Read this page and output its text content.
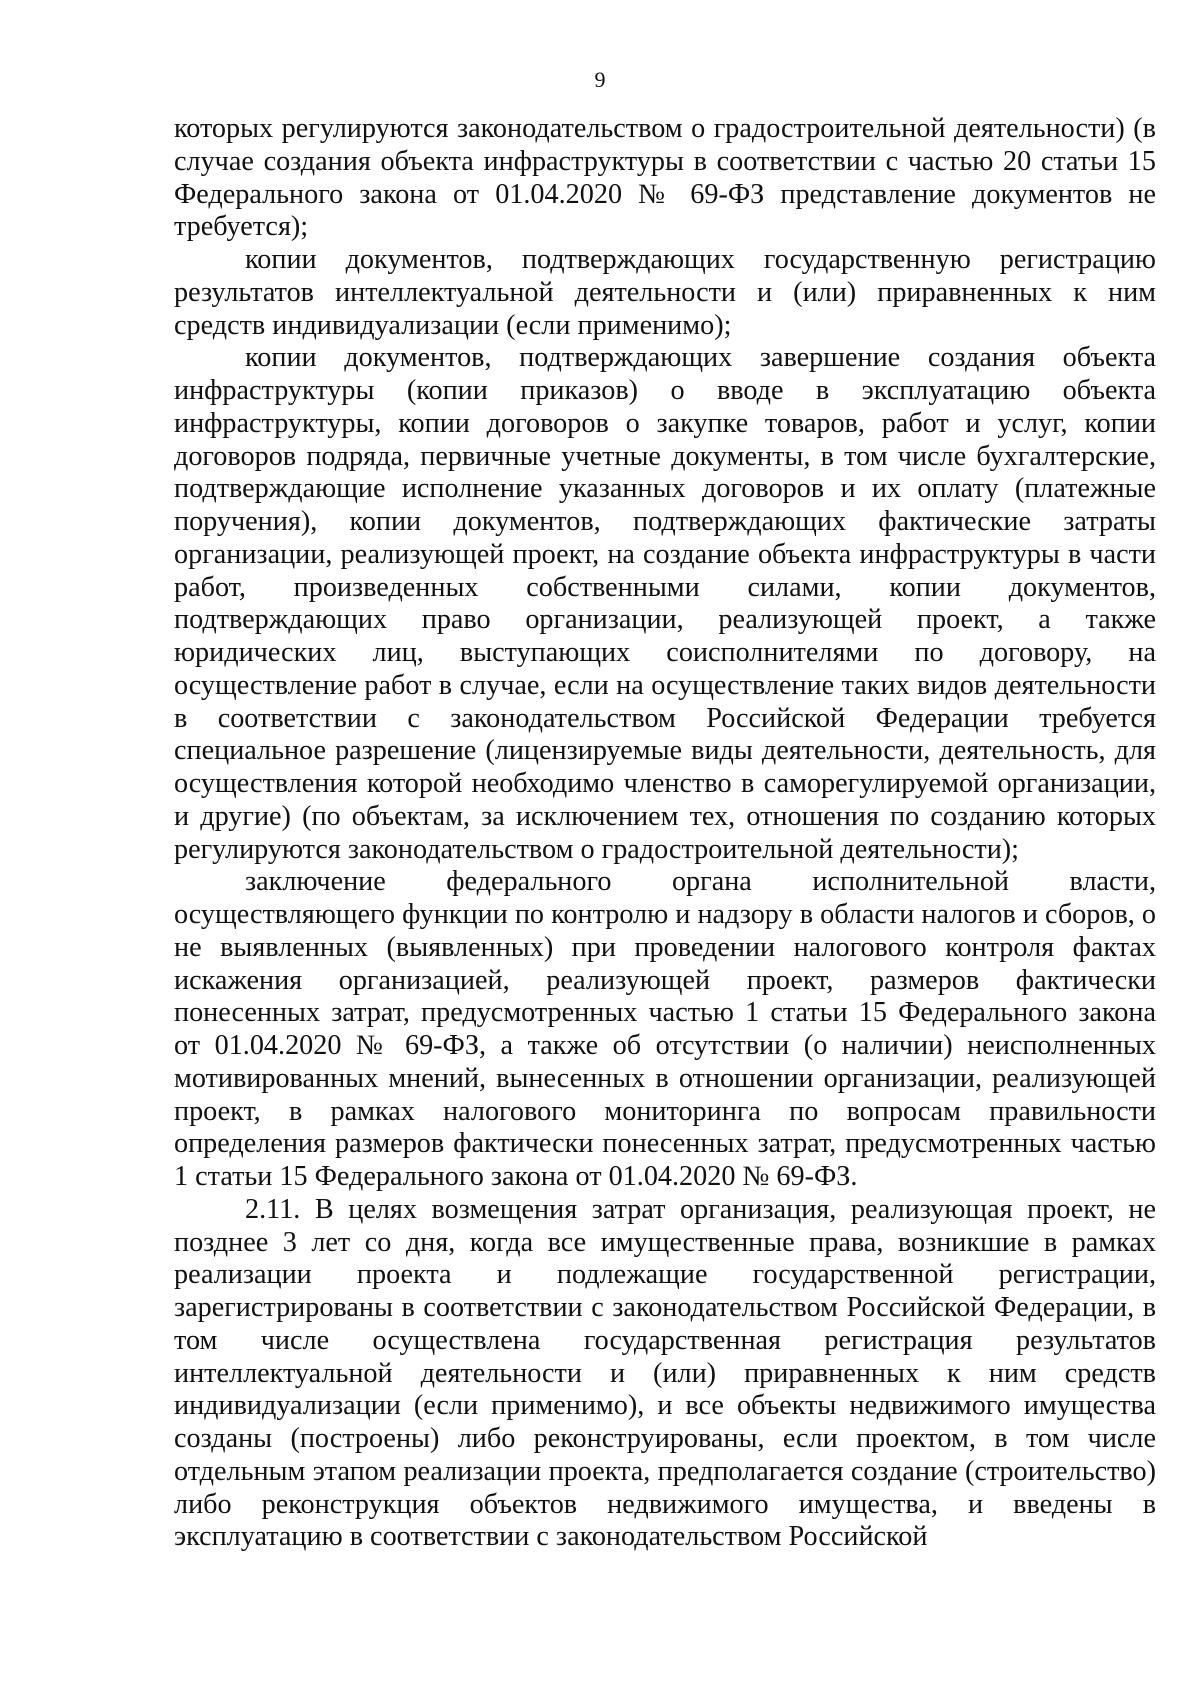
9

которых регулируются законодательством о градостроительной деятельности) (в случае создания объекта инфраструктуры в соответствии с частью 20 статьи 15 Федерального закона от 01.04.2020 № 69-ФЗ представление документов не требуется);

копии документов, подтверждающих государственную регистрацию результатов интеллектуальной деятельности и (или) приравненных к ним средств индивидуализации (если применимо);

копии документов, подтверждающих завершение создания объекта инфраструктуры (копии приказов) о вводе в эксплуатацию объекта инфраструктуры, копии договоров о закупке товаров, работ и услуг, копии договоров подряда, первичные учетные документы, в том числе бухгалтерские, подтверждающие исполнение указанных договоров и их оплату (платежные поручения), копии документов, подтверждающих фактические затраты организации, реализующей проект, на создание объекта инфраструктуры в части работ, произведенных собственными силами, копии документов, подтверждающих право организации, реализующей проект, а также юридических лиц, выступающих соисполнителями по договору, на осуществление работ в случае, если на осуществление таких видов деятельности в соответствии с законодательством Российской Федерации требуется специальное разрешение (лицензируемые виды деятельности, деятельность, для осуществления которой необходимо членство в саморегулируемой организации, и другие) (по объектам, за исключением тех, отношения по созданию которых регулируются законодательством о градостроительной деятельности);

заключение федерального органа исполнительной власти, осуществляющего функции по контролю и надзору в области налогов и сборов, о не выявленных (выявленных) при проведении налогового контроля фактах искажения организацией, реализующей проект, размеров фактически понесенных затрат, предусмотренных частью 1 статьи 15 Федерального закона от 01.04.2020 № 69-ФЗ, а также об отсутствии (о наличии) неисполненных мотивированных мнений, вынесенных в отношении организации, реализующей проект, в рамках налогового мониторинга по вопросам правильности определения размеров фактически понесенных затрат, предусмотренных частью 1 статьи 15 Федерального закона от 01.04.2020 № 69-ФЗ.

2.11. В целях возмещения затрат организация, реализующая проект, не позднее 3 лет со дня, когда все имущественные права, возникшие в рамках реализации проекта и подлежащие государственной регистрации, зарегистрированы в соответствии с законодательством Российской Федерации, в том числе осуществлена государственная регистрация результатов интеллектуальной деятельности и (или) приравненных к ним средств индивидуализации (если применимо), и все объекты недвижимого имущества созданы (построены) либо реконструированы, если проектом, в том числе отдельным этапом реализации проекта, предполагается создание (строительство) либо реконструкция объектов недвижимого имущества, и введены в эксплуатацию в соответствии с законодательством Российской
